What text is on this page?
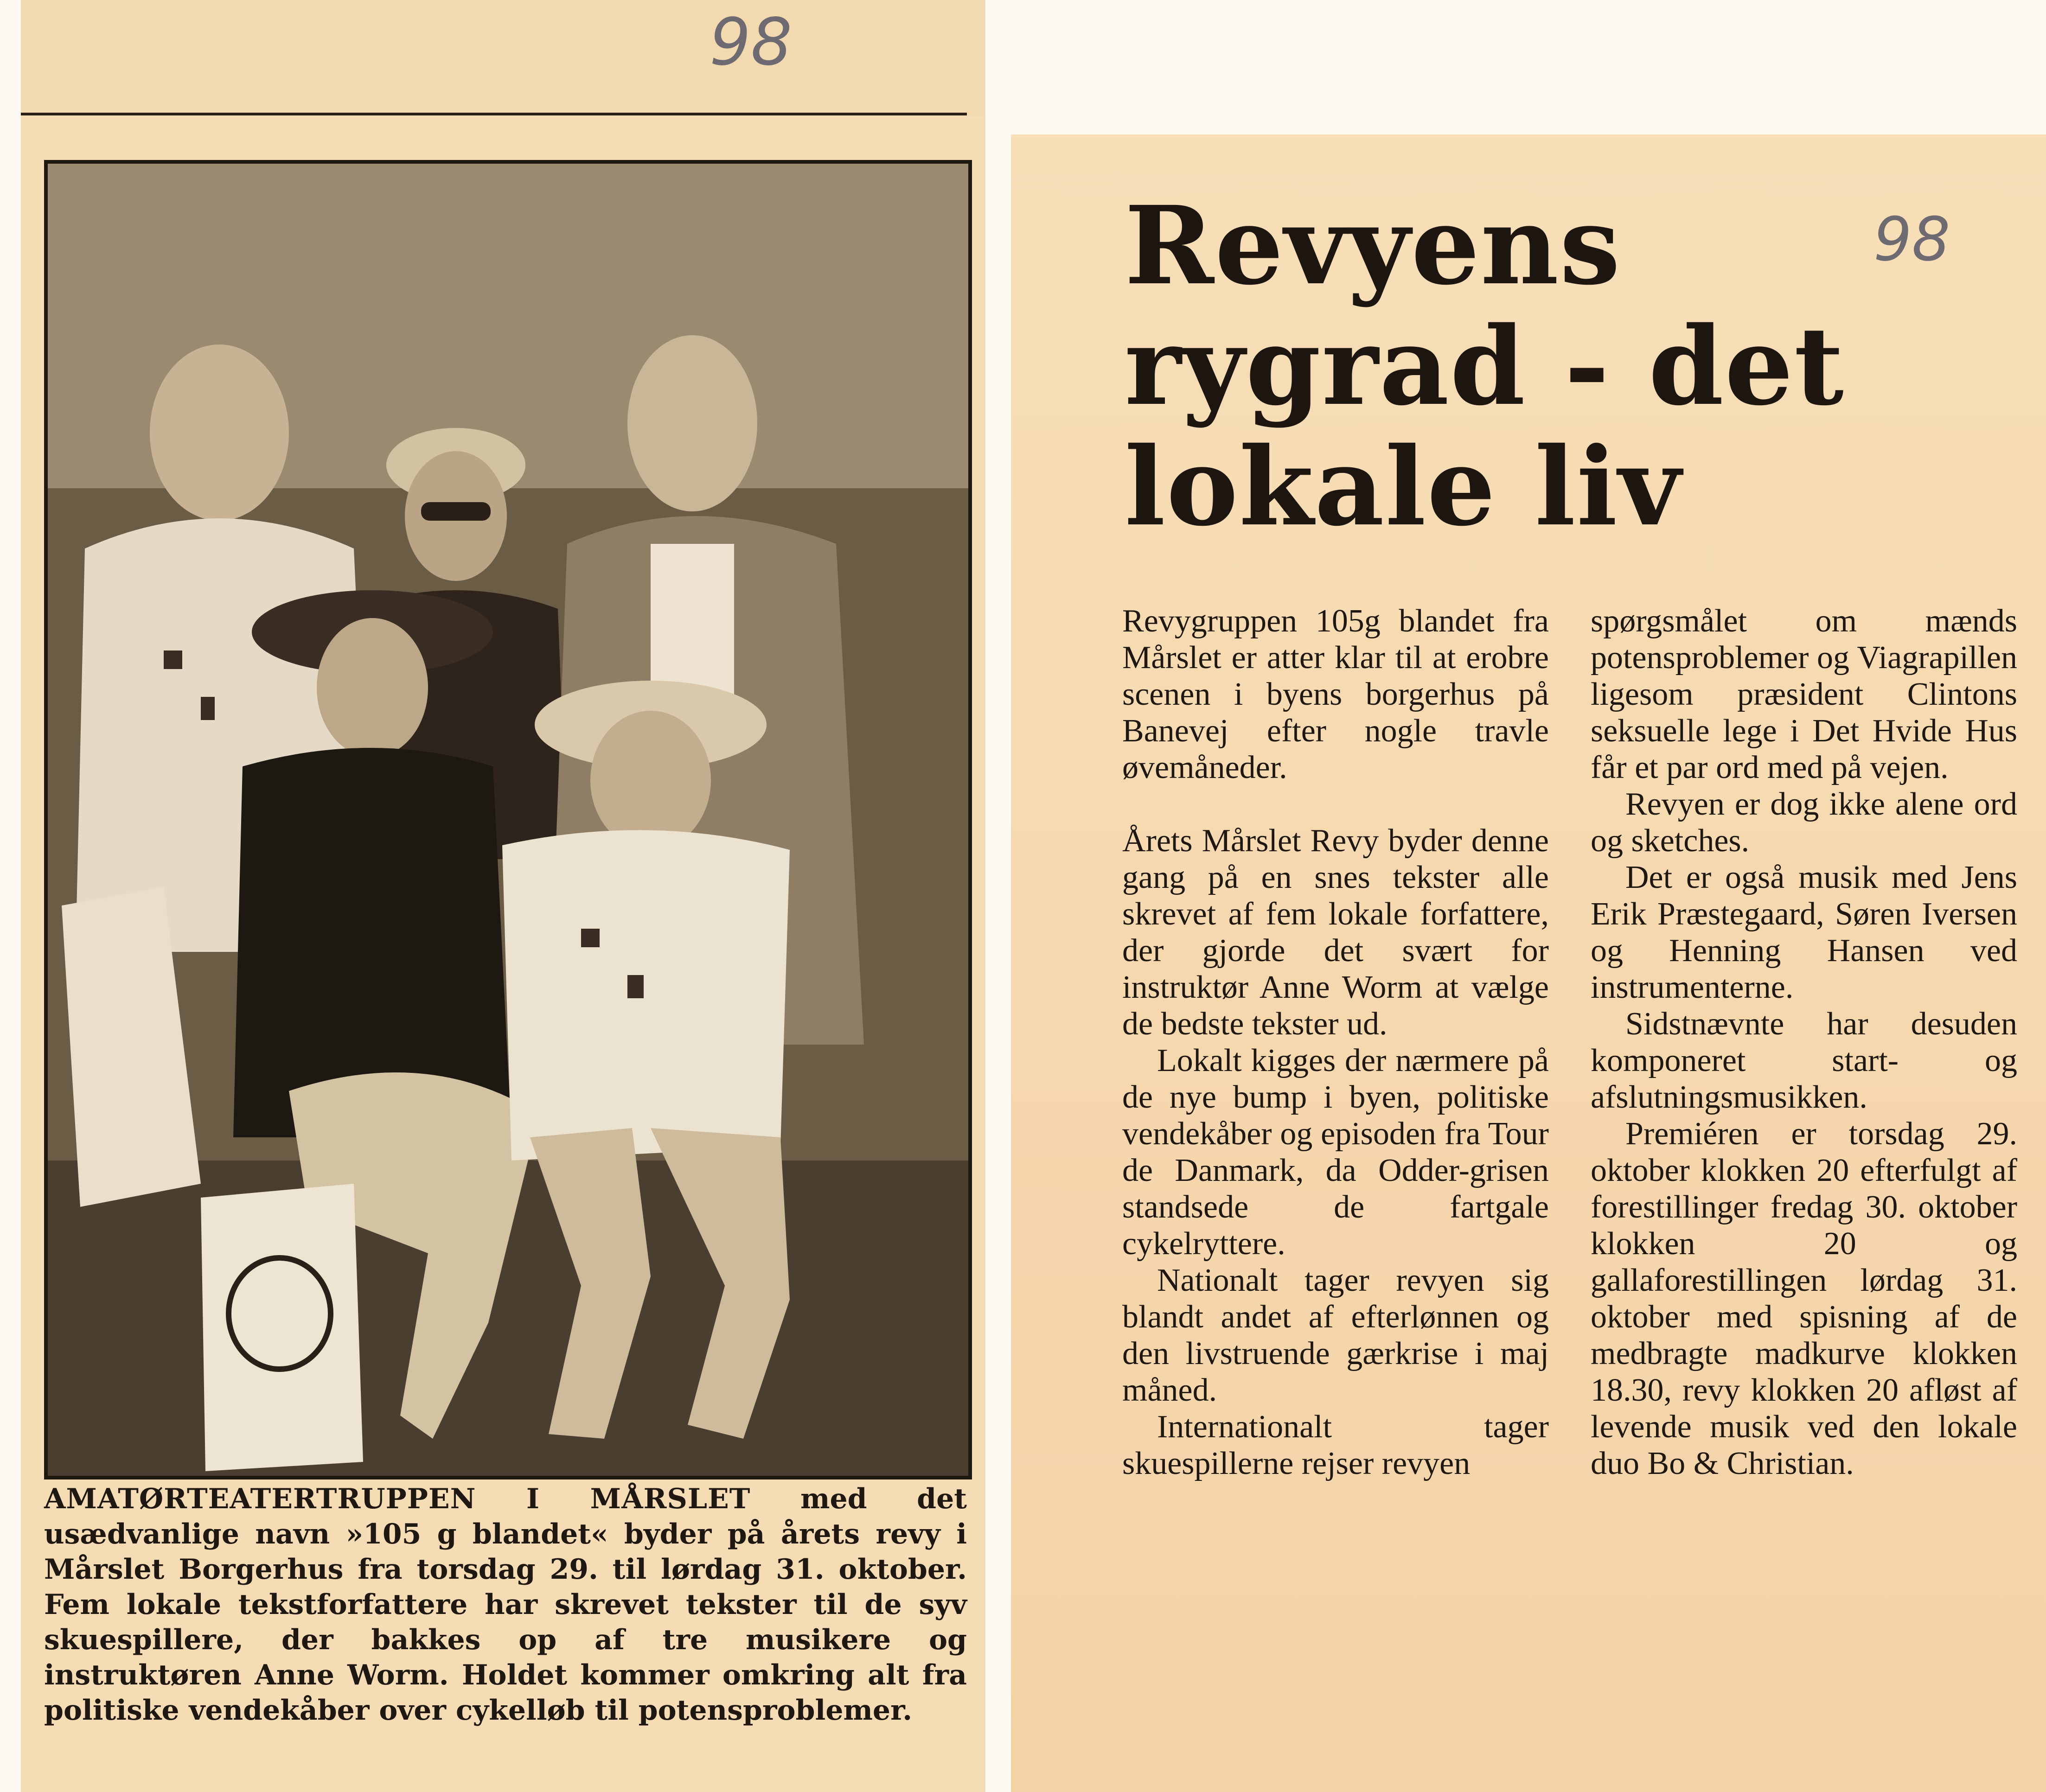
98
AMATØRTEATERTRUPPEN I MÅRSLET med det usædvanlige navn »105 g blandet« byder på årets revy i Mårslet Borgerhus fra torsdag 29. til lørdag 31. oktober. Fem lokale tekstforfattere har skrevet tekster til de syv skuespillere, der bakkes op af tre musikere og instruktøren Anne Worm. Holdet kommer omkring alt fra politiske vendekåber over cykelløb til potensproblemer.
98
Revyens
rygrad - det
lokale liv

Revygruppen 105g blandet fra Mårslet er atter klar til at erobre scenen i byens borgerhus på Banevej efter nogle travle øvemåneder.

Årets Mårslet Revy byder denne gang på en snes tekster alle skrevet af fem lokale forfattere, der gjorde det svært for instruktør Anne Worm at vælge de bedste tekster ud.

Lokalt kigges der nærmere på de nye bump i byen, politiske vendekåber og episoden fra Tour de Danmark, da Odder-grisen standsede de fartgale cykelryttere.

Nationalt tager revyen sig blandt andet af efterlønnen og den livstruende gærkrise i maj måned.

Internationalt tager skuespillerne rejser revyen

spørgsmålet om mænds potensproblemer og Viagrapillen ligesom præsident Clintons seksuelle lege i Det Hvide Hus får et par ord med på vejen.

Revyen er dog ikke alene ord og sketches.

Det er også musik med Jens Erik Præstegaard, Søren Iversen og Henning Hansen ved instrumenterne.

Sidstnævnte har desuden komponeret start- og afslutningsmusikken.

Premiéren er torsdag 29. oktober klokken 20 efterfulgt af forestillinger fredag 30. oktober klokken 20 og gallaforestillingen lørdag 31. oktober med spisning af de medbragte madkurve klokken 18.30, revy klokken 20 afløst af levende musik ved den lokale duo Bo & Christian.
